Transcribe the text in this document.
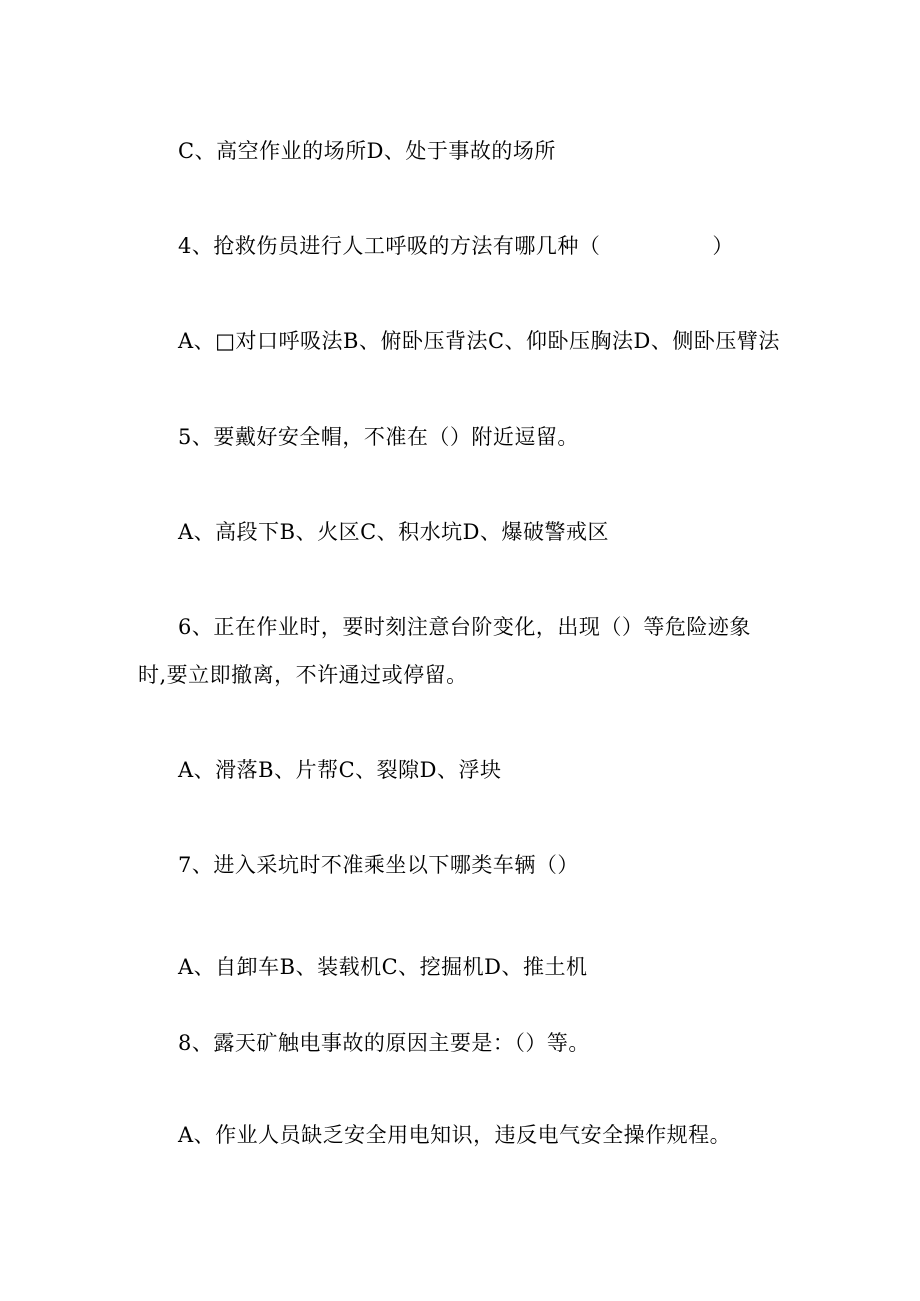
C、高空作业的场所D、处于事故的场所
4、抢救伤员进行人工呼吸的方法有哪几种（	）
A、□对口呼吸法B、俯卧压背法C、仰卧压胸法D、侧卧压臂法
5、要戴好安全帽，不准在（）附近逗留。
A、高段下B、火区C、积水坑D、爆破警戒区
6、正在作业时，要时刻注意台阶变化，出现（）等危险迹象
时,要立即撤离，不许通过或停留。
A、滑落B、片帮C、裂隙D、浮块
7、进入采坑时不准乘坐以下哪类车辆（）
A、自卸车B、装载机C、挖掘机D、推土机
8、露天矿触电事故的原因主要是：（）等。
A、作业人员缺乏安全用电知识，违反电气安全操作规程。
